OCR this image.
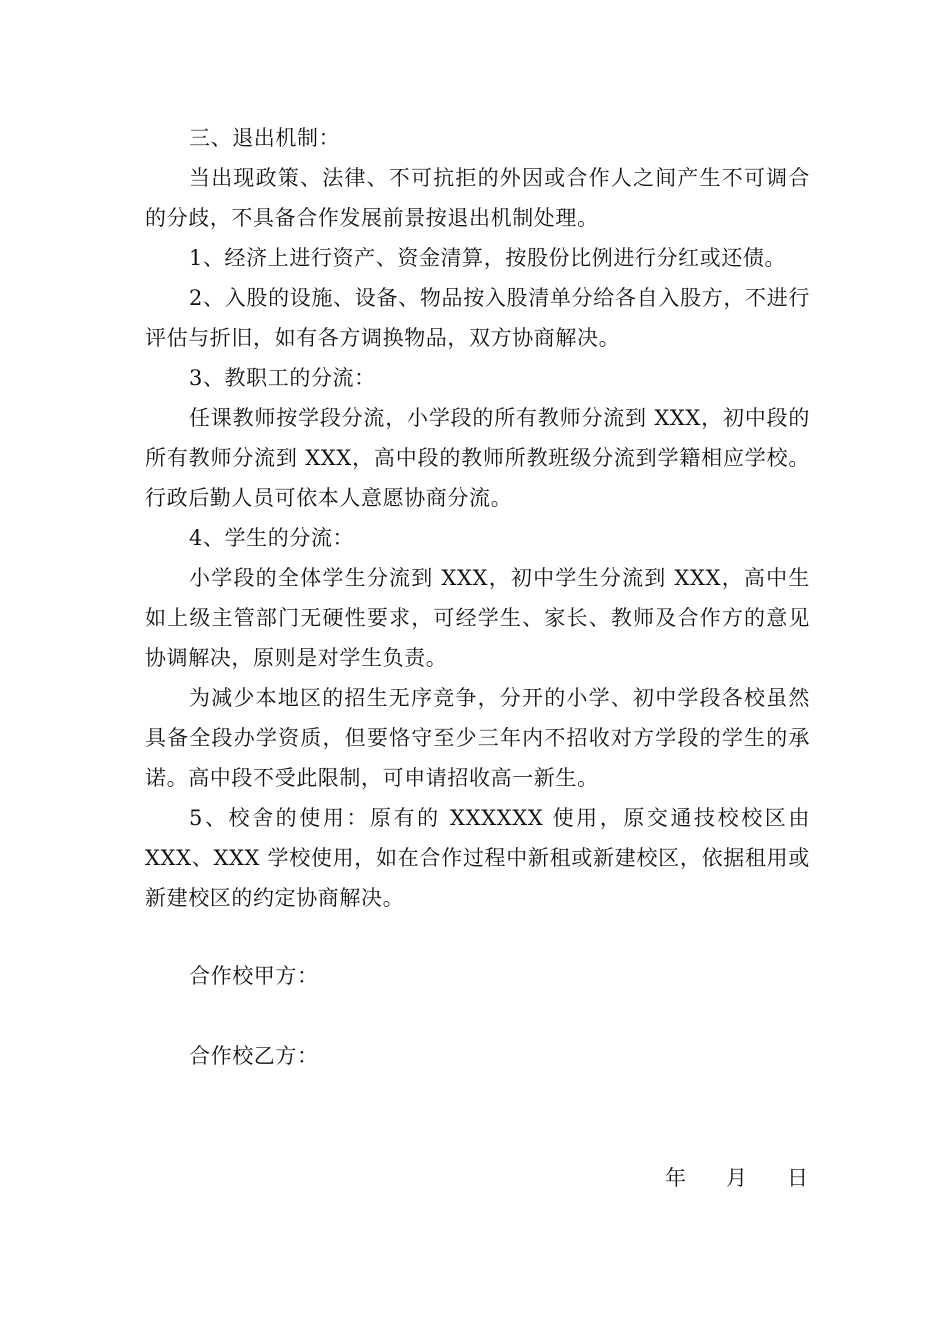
三、退出机制：

当出现政策、法律、不可抗拒的外因或合作人之间产生不可调合的分歧，不具备合作发展前景按退出机制处理。

1、经济上进行资产、资金清算，按股份比例进行分红或还债。

2、入股的设施、设备、物品按入股清单分给各自入股方，不进行评估与折旧，如有各方调换物品，双方协商解决。

3、教职工的分流：

任课教师按学段分流，小学段的所有教师分流到 XXX，初中段的所有教师分流到 XXX，高中段的教师所教班级分流到学籍相应学校。行政后勤人员可依本人意愿协商分流。

4、学生的分流：

小学段的全体学生分流到 XXX，初中学生分流到 XXX，高中生如上级主管部门无硬性要求，可经学生、家长、教师及合作方的意见协调解决，原则是对学生负责。

为减少本地区的招生无序竞争，分开的小学、初中学段各校虽然具备全段办学资质，但要恪守至少三年内不招收对方学段的学生的承诺。高中段不受此限制，可申请招收高一新生。

5、校舍的使用：原有的 XXXXXX 使用，原交通技校校区由 XXX、XXX 学校使用，如在合作过程中新租或新建校区，依据租用或新建校区的约定协商解决。

合作校甲方：
合作校乙方：
年 月 日
